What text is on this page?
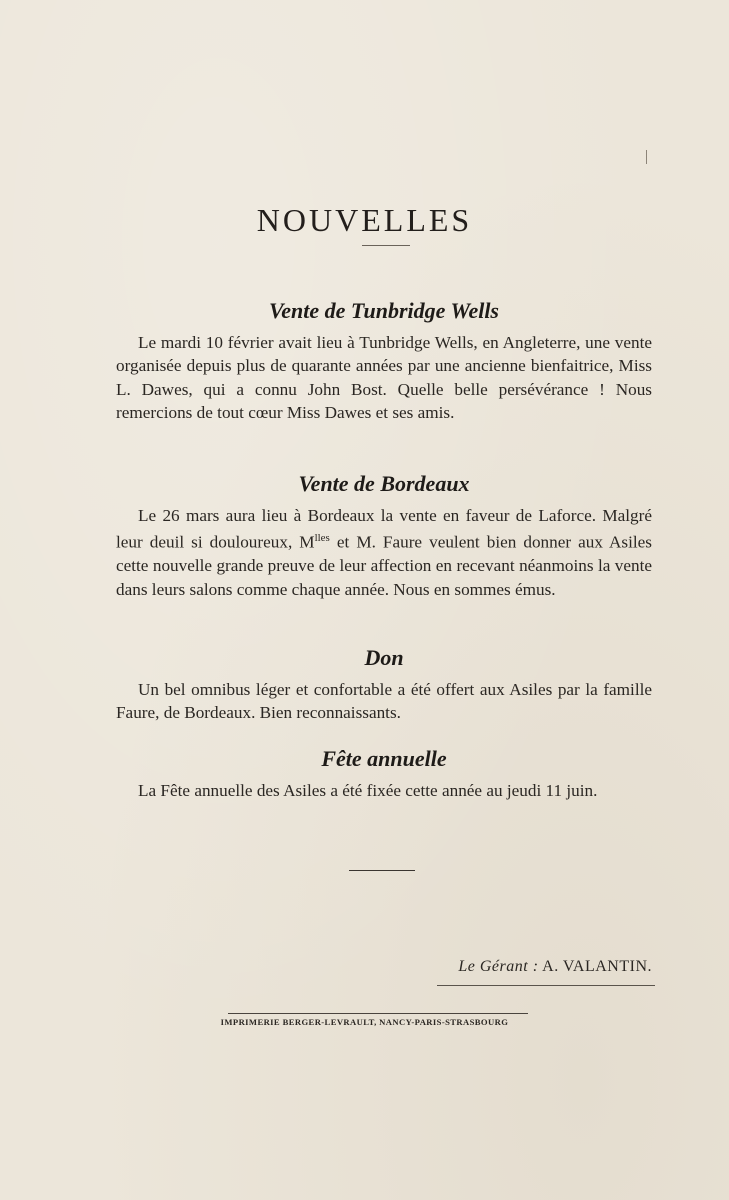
NOUVELLES
Vente de Tunbridge Wells

Le mardi 10 février avait lieu à Tunbridge Wells, en Angleterre, une vente organisée depuis plus de quarante années par une ancienne bienfaitrice, Miss L. Dawes, qui a connu John Bost. Quelle belle persévérance ! Nous remercions de tout cœur Miss Dawes et ses amis.

Vente de Bordeaux

Le 26 mars aura lieu à Bordeaux la vente en faveur de Laforce. Malgré leur deuil si douloureux, $M^{lles}$ et M. Faure veulent bien donner aux Asiles cette nouvelle grande preuve de leur affection en recevant néanmoins la vente dans leurs salons comme chaque année. Nous en sommes émus.

Don

Un bel omnibus léger et confortable a été offert aux Asiles par la famille Faure, de Bordeaux. Bien reconnaissants.

Fête annuelle

La Fête annuelle des Asiles a été fixée cette année au jeudi 11 juin.

Le Gérant : A. VALANTIN.
IMPRIMERIE BERGER-LEVRAULT, NANCY-PARIS-STRASBOURG
